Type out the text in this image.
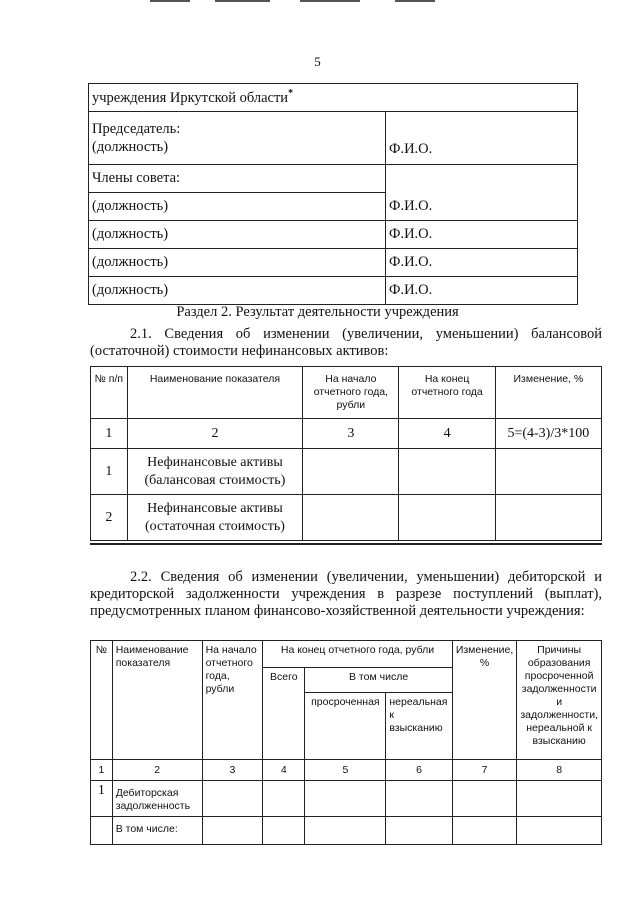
5
учреждения Иркутской области*

Председатель:
(должность)	Ф.И.О.
Члены совета:	
(должность)	Ф.И.О.
(должность)	Ф.И.О.
(должность)	Ф.И.О.
(должность)	Ф.И.О.
Раздел 2. Результат деятельности учреждения
2.1. Сведения об изменении (увеличении, уменьшении) балансовой (остаточной) стоимости нефинансовых активов:
№ п/п	Наименование показателя	На начало отчетного года, рубли	На конец отчетного года	Изменение, %
1	2	3	4	5=(4-3)/3*100
1	Нефинансовые активы (балансовая стоимость)			
2	Нефинансовые активы (остаточная стоимость)			
2.2. Сведения об изменении (увеличении, уменьшении) дебиторской и кредиторской задолженности учреждения в разрезе поступлений (выплат), предусмотренных планом финансово-хозяйственной деятельности учреждения:
№	Наименование показателя	На начало отчетного года, рубли	На конец отчетного года, рубли			Изменение, %	Причины образования просроченной задолженности и задолженности, нереальной к взысканию
			Всего	В том числе			
				просроченная	нереальная к взысканию		
1	2	3	4	5	6	7	8
1	Дебиторская задолженность						
	В том числе:						
